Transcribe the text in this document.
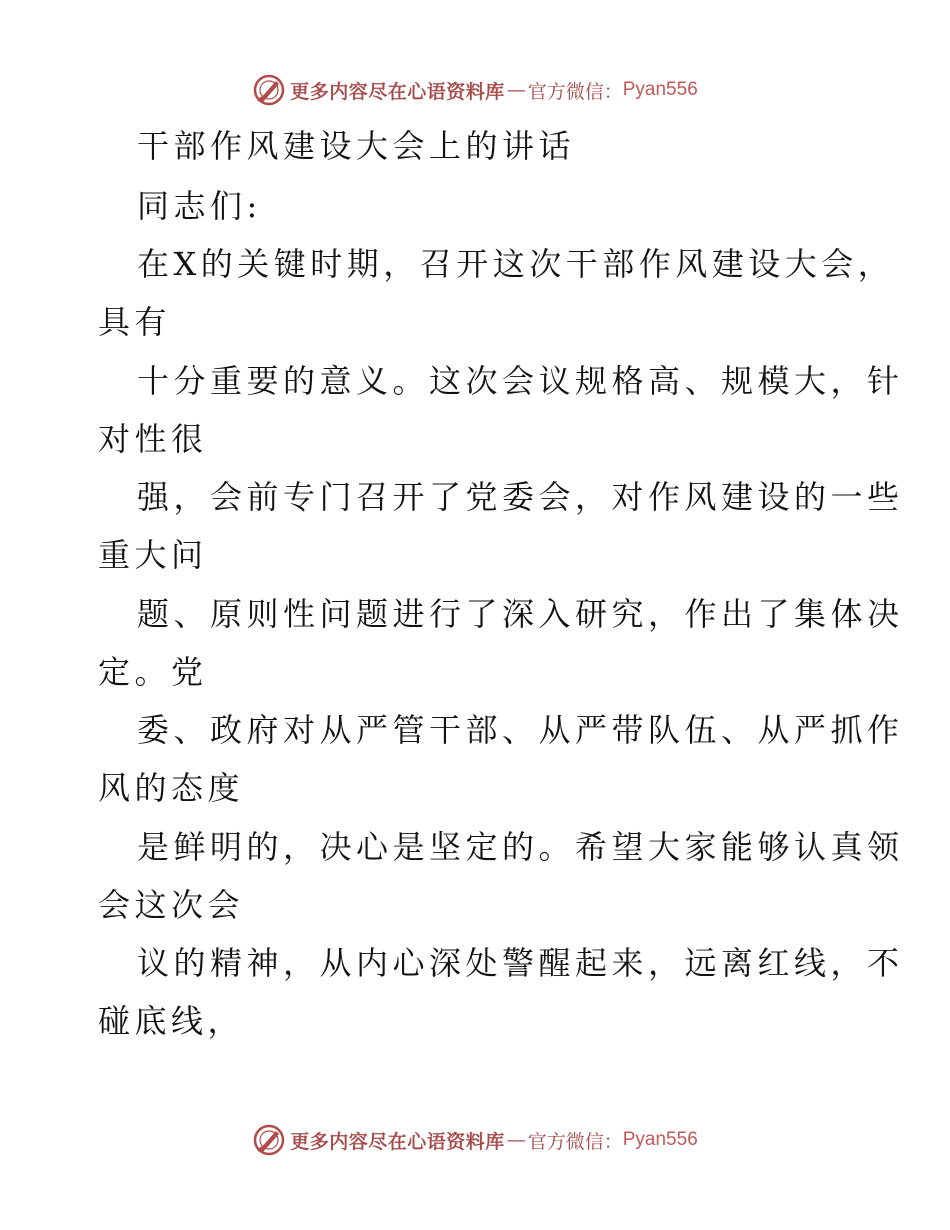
更多内容尽在心语资料库 — 官方微信： Pyan556
干部作风建设大会上的讲话
同志们:
在X的关键时期，召开这次干部作风建设大会，
具有
十分重要的意义。这次会议规格高、规模大，针
对性很
强，会前专门召开了党委会，对作风建设的一些
重大问
题、原则性问题进行了深入研究，作出了集体决
定。党
委、政府对从严管干部、从严带队伍、从严抓作
风的态度
是鲜明的，决心是坚定的。希望大家能够认真领
会这次会
议的精神，从内心深处警醒起来，远离红线，不
碰底线，
更多内容尽在心语资料库 — 官方微信： Pyan556
